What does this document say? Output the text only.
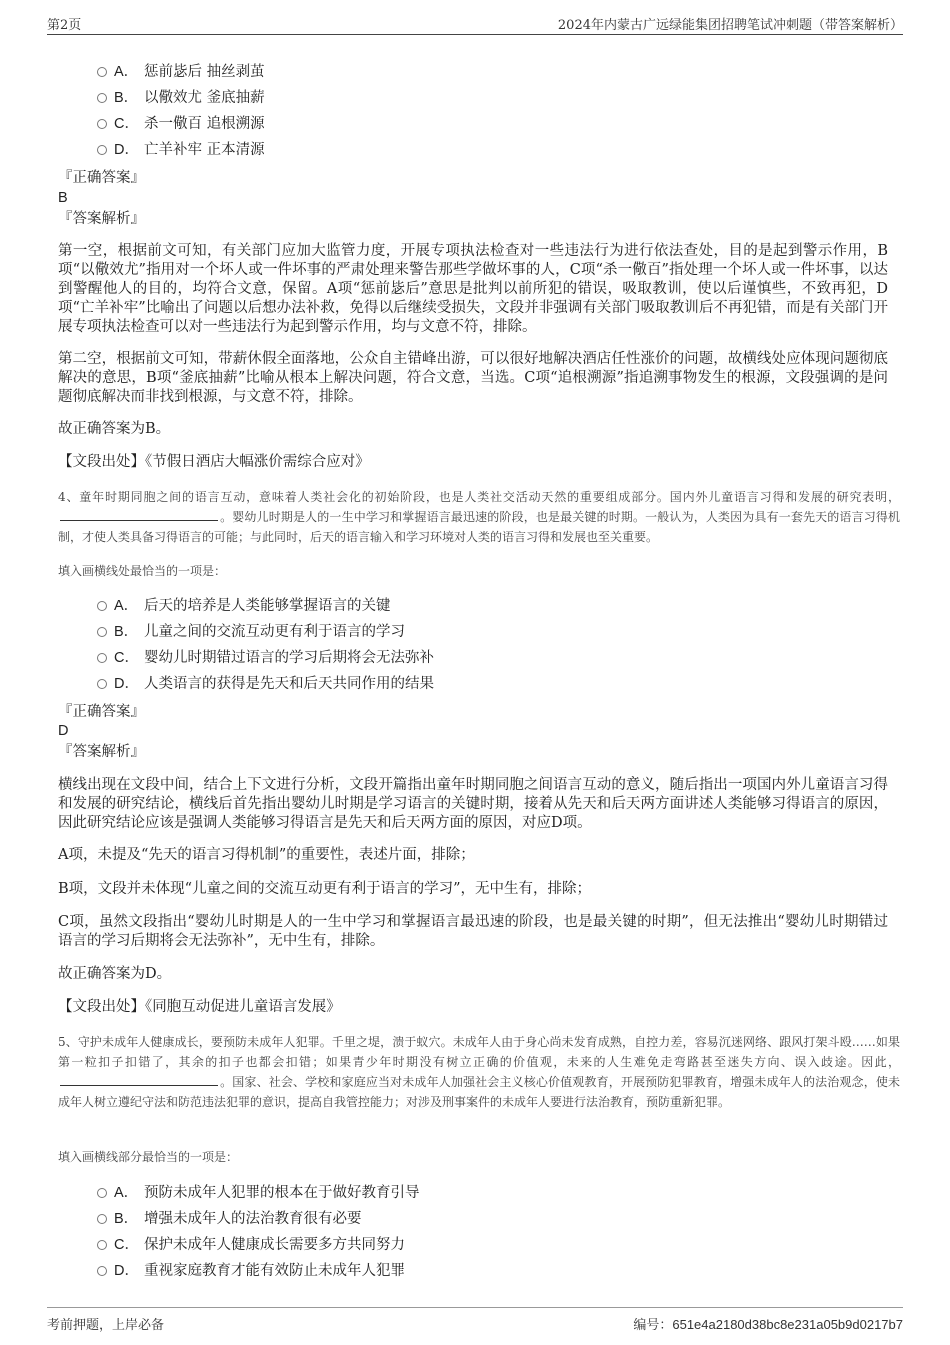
第2页	2024年内蒙古广远绿能集团招聘笔试冲刺题（带答案解析）
A． 惩前毖后 抽丝剥茧
B． 以儆效尤 釜底抽薪
C． 杀一儆百 追根溯源
D． 亡羊补牢 正本清源
『正确答案』
B
『答案解析』
第一空，根据前文可知，有关部门应加大监管力度，开展专项执法检查对一些违法行为进行依法查处，目的是起到警示作用，B项“以儆效尤”指用对一个坏人或一件坏事的严肃处理来警告那些学做坏事的人，C项“杀一儆百”指处理一个坏人或一件坏事，以达到警醒他人的目的，均符合文意，保留。A项“惩前毖后”意思是批判以前所犯的错误，吸取教训，使以后谨慎些，不致再犯，D项“亡羊补牢”比喻出了问题以后想办法补救，免得以后继续受损失，文段并非强调有关部门吸取教训后不再犯错，而是有关部门开展专项执法检查可以对一些违法行为起到警示作用，均与文意不符，排除。
第二空，根据前文可知，带薪休假全面落地，公众自主错峰出游，可以很好地解决酒店任性涨价的问题，故横线处应体现问题彻底解决的意思，B项“釜底抽薪”比喻从根本上解决问题，符合文意，当选。C项“追根溯源”指追溯事物发生的根源，文段强调的是问题彻底解决而非找到根源，与文意不符，排除。
故正确答案为B。
【文段出处】《节假日酒店大幅涨价需综合应对》
4、童年时期同胞之间的语言互动，意味着人类社会化的初始阶段，也是人类社交活动天然的重要组成部分。国内外儿童语言习得和发展的研究表明，。婴幼儿时期是人的一生中学习和掌握语言最迅速的阶段，也是最关键的时期。一般认为，人类因为具有一套先天的语言习得机制，才使人类具备习得语言的可能；与此同时，后天的语言输入和学习环境对人类的语言习得和发展也至关重要。
填入画横线处最恰当的一项是：
A． 后天的培养是人类能够掌握语言的关键
B． 儿童之间的交流互动更有利于语言的学习
C． 婴幼儿时期错过语言的学习后期将会无法弥补
D． 人类语言的获得是先天和后天共同作用的结果
『正确答案』
D
『答案解析』
横线出现在文段中间，结合上下文进行分析，文段开篇指出童年时期同胞之间语言互动的意义，随后指出一项国内外儿童语言习得和发展的研究结论，横线后首先指出婴幼儿时期是学习语言的关键时期，接着从先天和后天两方面讲述人类能够习得语言的原因，因此研究结论应该是强调人类能够习得语言是先天和后天两方面的原因，对应D项。
A项，未提及“先天的语言习得机制”的重要性，表述片面，排除；
B项，文段并未体现“儿童之间的交流互动更有利于语言的学习”，无中生有，排除；
C项，虽然文段指出“婴幼儿时期是人的一生中学习和掌握语言最迅速的阶段，也是最关键的时期”，但无法推出“婴幼儿时期错过语言的学习后期将会无法弥补”，无中生有，排除。
故正确答案为D。
【文段出处】《同胞互动促进儿童语言发展》
5、守护未成年人健康成长，要预防未成年人犯罪。千里之堤，溃于蚁穴。未成年人由于身心尚未发育成熟，自控力差，容易沉迷网络、跟风打架斗殴……如果第一粒扣子扣错了，其余的扣子也都会扣错；如果青少年时期没有树立正确的价值观，未来的人生难免走弯路甚至迷失方向、误入歧途。因此，。国家、社会、学校和家庭应当对未成年人加强社会主义核心价值观教育，开展预防犯罪教育，增强未成年人的法治观念，使未成年人树立遵纪守法和防范违法犯罪的意识，提高自我管控能力；对涉及刑事案件的未成年人要进行法治教育，预防重新犯罪。
填入画横线部分最恰当的一项是：
A． 预防未成年人犯罪的根本在于做好教育引导
B． 增强未成年人的法治教育很有必要
C． 保护未成年人健康成长需要多方共同努力
D． 重视家庭教育才能有效防止未成年人犯罪
考前押题，上岸必备	编号：651e4a2180d38bc8e231a05b9d0217b7
